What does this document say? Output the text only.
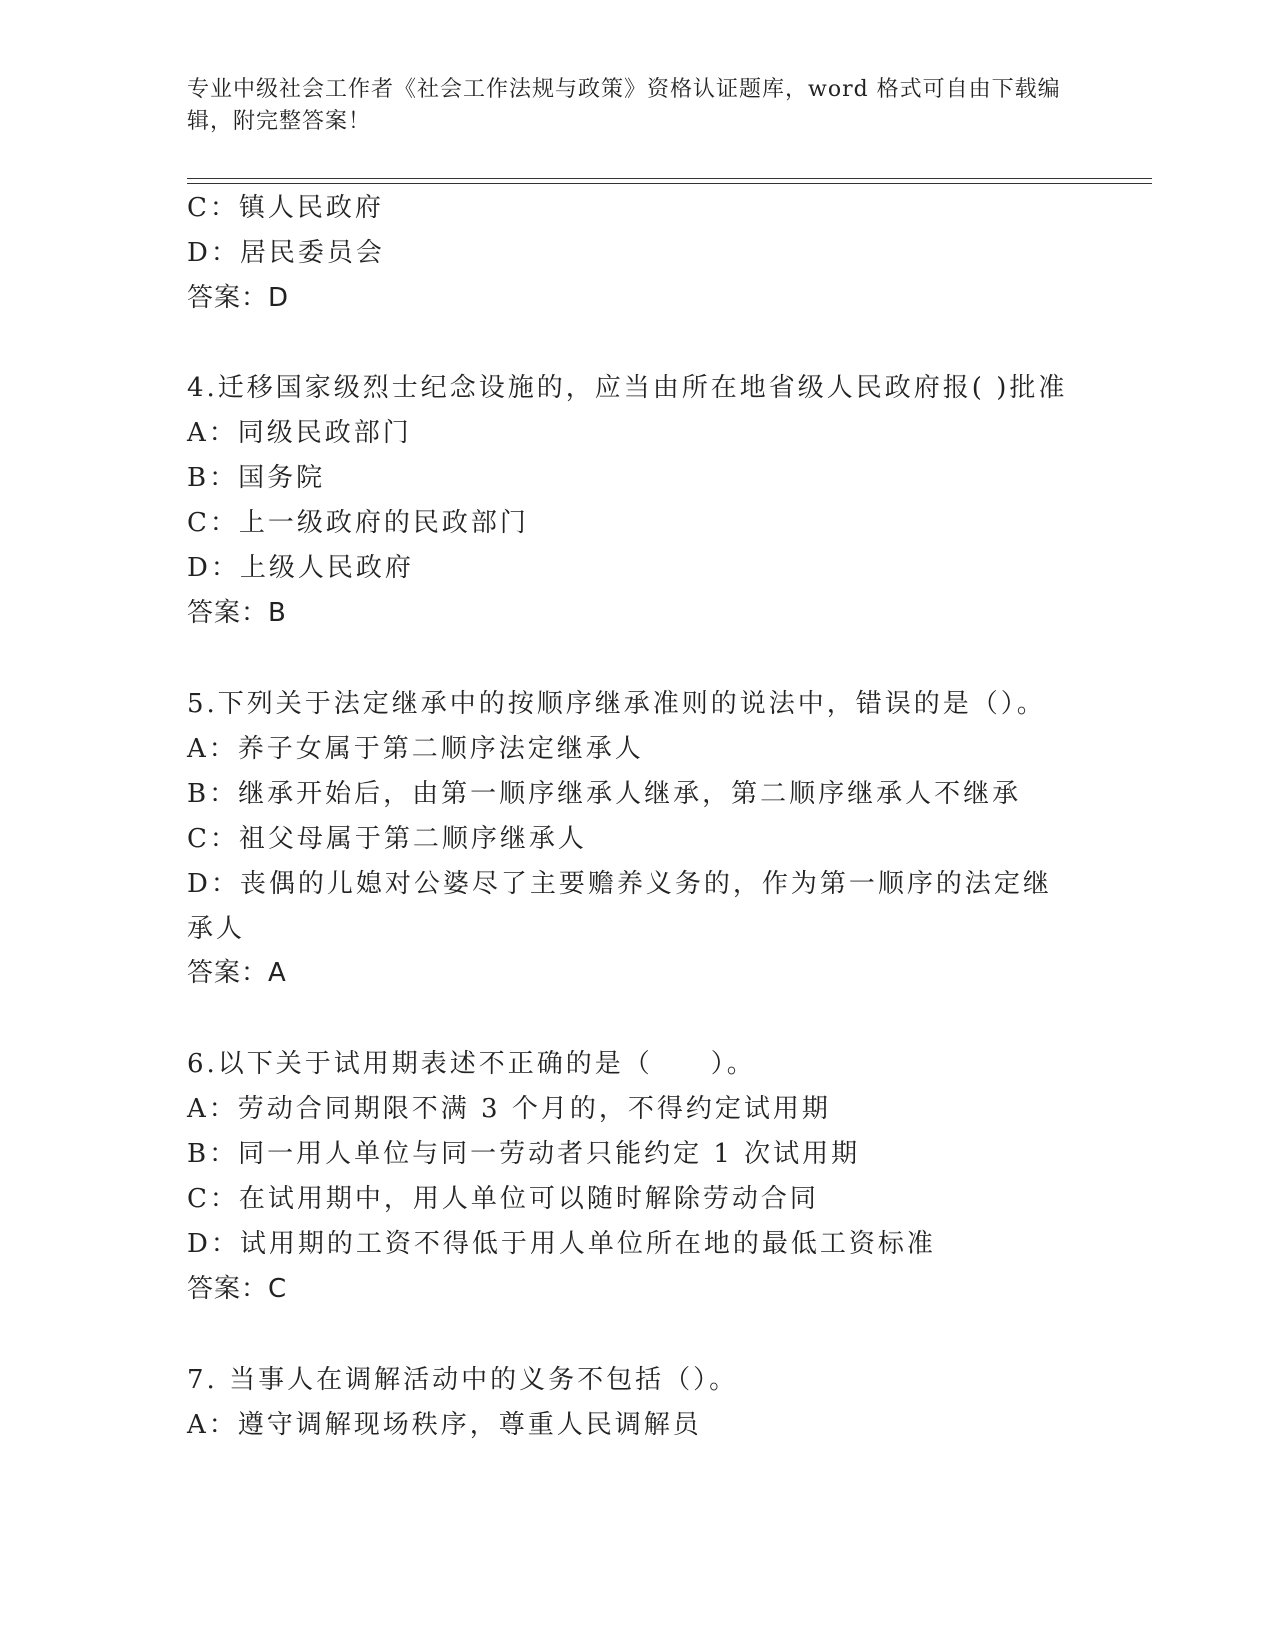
专业中级社会工作者《社会工作法规与政策》资格认证题库，word 格式可自由下载编辑，附完整答案！
C：镇人民政府
D：居民委员会
答案：D
4.迁移国家级烈士纪念设施的，应当由所在地省级人民政府报( )批准
A：同级民政部门
B：国务院
C：上一级政府的民政部门
D：上级人民政府
答案：B
5.下列关于法定继承中的按顺序继承准则的说法中，错误的是（）。
A：养子女属于第二顺序法定继承人
B：继承开始后，由第一顺序继承人继承，第二顺序继承人不继承
C：祖父母属于第二顺序继承人
D：丧偶的儿媳对公婆尽了主要赡养义务的，作为第一顺序的法定继承人
答案：A
6.以下关于试用期表述不正确的是（　　）。
A：劳动合同期限不满 3 个月的，不得约定试用期
B：同一用人单位与同一劳动者只能约定 1 次试用期
C：在试用期中，用人单位可以随时解除劳动合同
D：试用期的工资不得低于用人单位所在地的最低工资标准
答案：C
7. 当事人在调解活动中的义务不包括（）。
A：遵守调解现场秩序，尊重人民调解员
